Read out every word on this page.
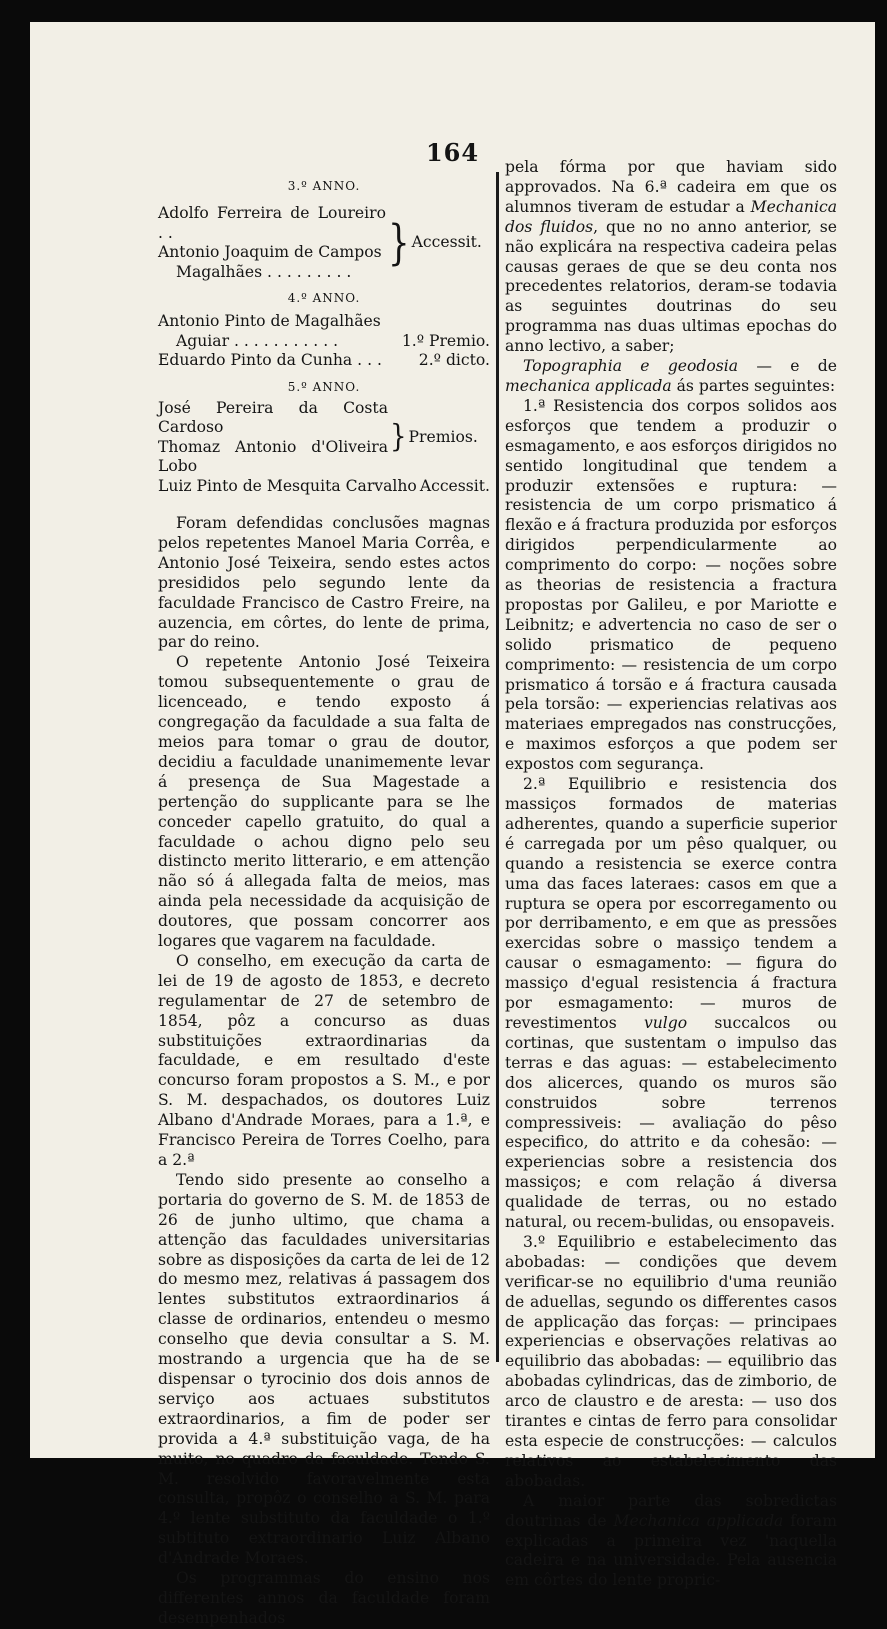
164

3.º ANNO.

Adolfo Ferreira de Loureiro . .
Antonio Joaquim de Campos
Magalhães . . . . . . . . .
	}	Accessit.

4.º ANNO.

Antonio Pinto de Magalhães	
Aguiar . . . . . . . . . . .	1.º Premio.
Eduardo Pinto da Cunha . . .	2.º dicto.

5.º ANNO.

José Pereira da Costa Cardoso
Thomaz Antonio d'Oliveira Lobo
	}	Premios.
Luiz Pinto de Mesquita Carvalho	Accessit.

Foram defendidas conclusões magnas pelos repetentes Manoel Maria Corrêa, e Antonio José Teixeira, sendo estes actos presididos pelo segundo lente da faculdade Francisco de Castro Freire, na auzencia, em côrtes, do lente de prima, par do reino.

O repetente Antonio José Teixeira tomou subsequentemente o grau de licenceado, e tendo exposto á congregação da faculdade a sua falta de meios para tomar o grau de doutor, decidiu a faculdade unanimemente levar á presença de Sua Magestade a pertenção do supplicante para se lhe conceder capello gratuito, do qual a faculdade o achou digno pelo seu distincto merito litterario, e em attenção não só á allegada falta de meios, mas ainda pela necessidade da acquisição de doutores, que possam concorrer aos logares que vagarem na faculdade.

O conselho, em execução da carta de lei de 19 de agosto de 1853, e decreto regulamentar de 27 de setembro de 1854, pôz a concurso as duas substituições extraordinarias da faculdade, e em resultado d'este concurso foram propostos a S. M., e por S. M. despachados, os doutores Luiz Albano d'Andrade Moraes, para a 1.ª, e Francisco Pereira de Torres Coelho, para a 2.ª

Tendo sido presente ao conselho a portaria do governo de S. M. de 1853 de 26 de junho ultimo, que chama a attenção das faculdades universitarias sobre as disposições da carta de lei de 12 do mesmo mez, relativas á passagem dos lentes substitutos extraordinarios á classe de ordinarios, entendeu o mesmo conselho que devia consultar a S. M. mostrando a urgencia que ha de se dispensar o tyrocinio dos dois annos de serviço aos actuaes substitutos extraordinarios, a fim de poder ser provida a 4.ª substituição vaga, de ha muito, no quadro da faculdade. Tendo S. M. resolvido favoravelmente esta consulta, propôz o conselho a S. M. para 4.º lente substituto da faculdade o 1.º subtituto extraordinario Luiz Albano d'Andrade Moraes.

Os programmas do ensino nos differentes annos da faculdade foram desempenhados

pela fórma por que haviam sido approvados. Na 6.ª cadeira em que os alumnos tiveram de estudar a Mechanica dos fluidos, que no no anno anterior, se não explicára na respectiva cadeira pelas causas geraes de que se deu conta nos precedentes relatorios, deram-se todavia as seguintes doutrinas do seu programma nas duas ultimas epochas do anno lectivo, a saber;

Topographia e geodosia — e de mechanica applicada ás partes seguintes:

1.ª Resistencia dos corpos solidos aos esforços que tendem a produzir o esmagamento, e aos esforços dirigidos no sentido longitudinal que tendem a produzir extensões e ruptura: — resistencia de um corpo prismatico á flexão e á fractura produzida por esforços dirigidos perpendicularmente ao comprimento do corpo: — noções sobre as theorias de resistencia a fractura propostas por Galileu, e por Mariotte e Leibnitz; e advertencia no caso de ser o solido prismatico de pequeno comprimento: — resistencia de um corpo prismatico á torsão e á fractura causada pela torsão: — experiencias relativas aos materiaes empregados nas construcções, e maximos esforços a que podem ser expostos com segurança.

2.ª Equilibrio e resistencia dos massiços formados de materias adherentes, quando a superficie superior é carregada por um pêso qualquer, ou quando a resistencia se exerce contra uma das faces lateraes: casos em que a ruptura se opera por escorregamento ou por derribamento, e em que as pressões exercidas sobre o massiço tendem a causar o esmagamento: — figura do massiço d'egual resistencia á fractura por esmagamento: — muros de revestimentos vulgo succalcos ou cortinas, que sustentam o impulso das terras e das aguas: — estabelecimento dos alicerces, quando os muros são construidos sobre terrenos compressiveis: — avaliação do pêso especifico, do attrito e da cohesão: — experiencias sobre a resistencia dos massiços; e com relação á diversa qualidade de terras, ou no estado natural, ou recem-bulidas, ou ensopaveis.

3.º Equilibrio e estabelecimento das abobadas: — condições que devem verificar-se no equilibrio d'uma reunião de aduellas, segundo os differentes casos de applicação das forças: — principaes experiencias e observações relativas ao equilibrio das abobadas: — equilibrio das abobadas cylindricas, das de zimborio, de arco de claustro e de aresta: — uso dos tirantes e cintas de ferro para consolidar esta especie de construcções: — calculos relativos ao estabelecimento das abobadas.

A maior parte das sobredictas doutrinas de Mechanica applicada foram explicadas a primeira vez 'naquella cadeira e na universidade. Pela ausencia em côrtes do lente propric-
